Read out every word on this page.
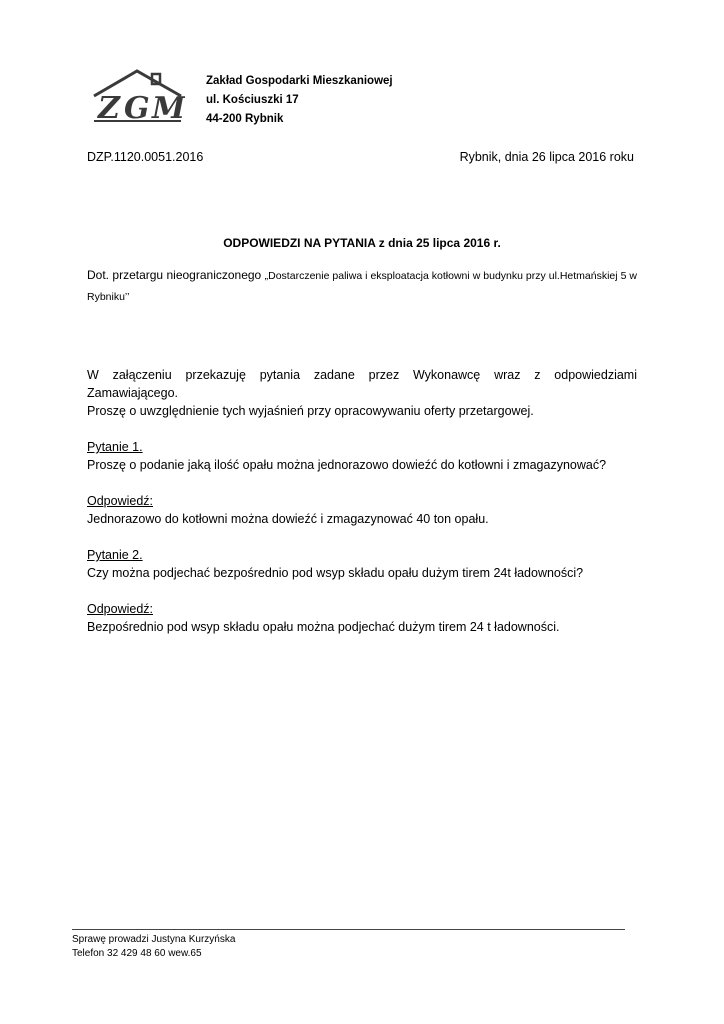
Z G M
Zakład Gospodarki Mieszkaniowej
ul. Kościuszki 17
44-200 Rybnik
DZP.1120.0051.2016	Rybnik, dnia 26 lipca 2016 roku
ODPOWIEDZI NA PYTANIA z dnia 25 lipca 2016 r.
Dot. przetargu nieograniczonego „Dostarczenie paliwa i eksploatacja kotłowni w budynku przy ul.Hetmańskiej 5 w Rybniku’’

W załączeniu przekazuję pytania zadane przez Wykonawcę wraz z odpowiedziami Zamawiającego.

Proszę o uwzględnienie tych wyjaśnień przy opracowywaniu oferty przetargowej.

Pytanie 1.

Proszę o podanie jaką ilość opału można jednorazowo dowieźć do kotłowni i zmagazynować?

Odpowiedź:

Jednorazowo do kotłowni można dowieźć i zmagazynować 40 ton opału.

Pytanie 2.

Czy można podjechać bezpośrednio pod wsyp składu opału dużym tirem 24t ładowności?

Odpowiedź:

Bezpośrednio pod wsyp składu opału można podjechać dużym tirem 24 t ładowności.

Sprawę prowadzi Justyna Kurzyńska
Telefon 32 429 48 60 wew.65
